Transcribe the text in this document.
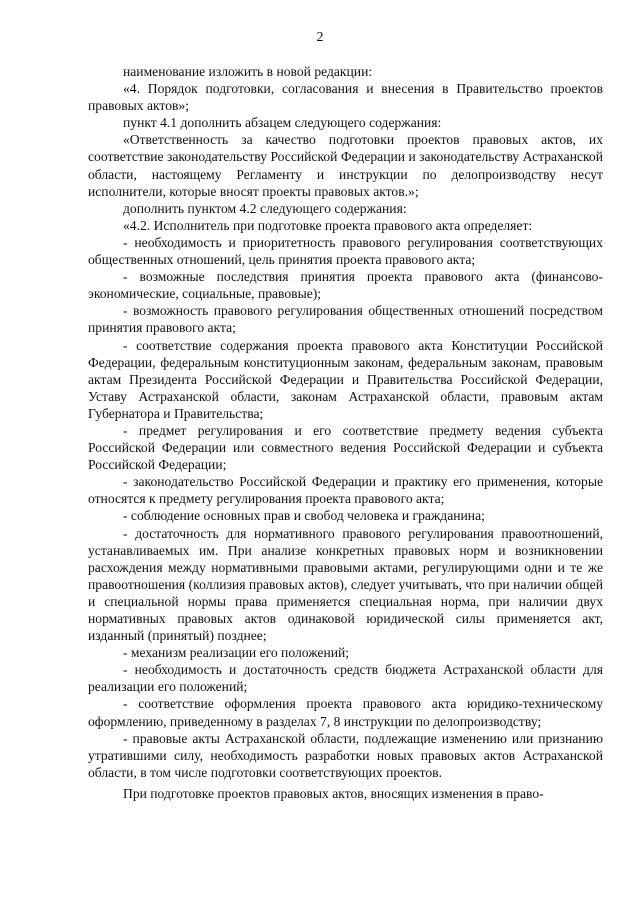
2

наименование изложить в новой редакции:

«4. Порядок подготовки, согласования и внесения в Правительство проектов правовых актов»;

пункт 4.1 дополнить абзацем следующего содержания:

«Ответственность за качество подготовки проектов правовых актов, их соответствие законодательству Российской Федерации и законодательству Астраханской области, настоящему Регламенту и инструкции по делопроизводству несут исполнители, которые вносят проекты правовых актов.»;

дополнить пунктом 4.2 следующего содержания:

«4.2. Исполнитель при подготовке проекта правового акта определяет:

- необходимость и приоритетность правового регулирования соответствующих общественных отношений, цель принятия проекта правового акта;

- возможные последствия принятия проекта правового акта (финансово-экономические, социальные, правовые);

- возможность правового регулирования общественных отношений посредством принятия правового акта;

- соответствие содержания проекта правового акта Конституции Российской Федерации, федеральным конституционным законам, федеральным законам, правовым актам Президента Российской Федерации и Правительства Российской Федерации, Уставу Астраханской области, законам Астраханской области, правовым актам Губернатора и Правительства;

- предмет регулирования и его соответствие предмету ведения субъекта Российской Федерации или совместного ведения Российской Федерации и субъекта Российской Федерации;

- законодательство Российской Федерации и практику его применения, которые относятся к предмету регулирования проекта правового акта;

- соблюдение основных прав и свобод человека и гражданина;

- достаточность для нормативного правового регулирования правоотношений, устанавливаемых им. При анализе конкретных правовых норм и возникновении расхождения между нормативными правовыми актами, регулирующими одни и те же правоотношения (коллизия правовых актов), следует учитывать, что при наличии общей и специальной нормы права применяется специальная норма, при наличии двух нормативных правовых актов одинаковой юридической силы применяется акт, изданный (принятый) позднее;

- механизм реализации его положений;

- необходимость и достаточность средств бюджета Астраханской области для реализации его положений;

- соответствие оформления проекта правового акта юридико-техническому оформлению, приведенному в разделах 7, 8 инструкции по делопроизводству;

- правовые акты Астраханской области, подлежащие изменению или признанию утратившими силу, необходимость разработки новых правовых актов Астраханской области, в том числе подготовки соответствующих проектов.

При подготовке проектов правовых актов, вносящих изменения в право-
